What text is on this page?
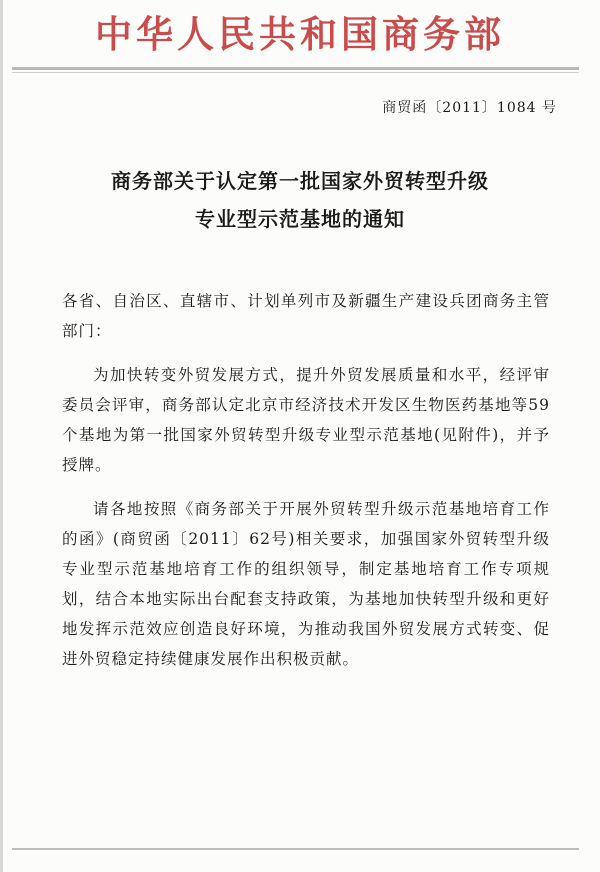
中华人民共和国商务部
商贸函〔2011〕1084 号
商务部关于认定第一批国家外贸转型升级
专业型示范基地的通知

各省、自治区、直辖市、计划单列市及新疆生产建设兵团商务主管部门：

为加快转变外贸发展方式，提升外贸发展质量和水平，经评审委员会评审，商务部认定北京市经济技术开发区生物医药基地等59个基地为第一批国家外贸转型升级专业型示范基地(见附件)，并予授牌。

请各地按照《商务部关于开展外贸转型升级示范基地培育工作的函》(商贸函〔2011〕62号)相关要求，加强国家外贸转型升级专业型示范基地培育工作的组织领导，制定基地培育工作专项规划，结合本地实际出台配套支持政策，为基地加快转型升级和更好地发挥示范效应创造良好环境，为推动我国外贸发展方式转变、促进外贸稳定持续健康发展作出积极贡献。
